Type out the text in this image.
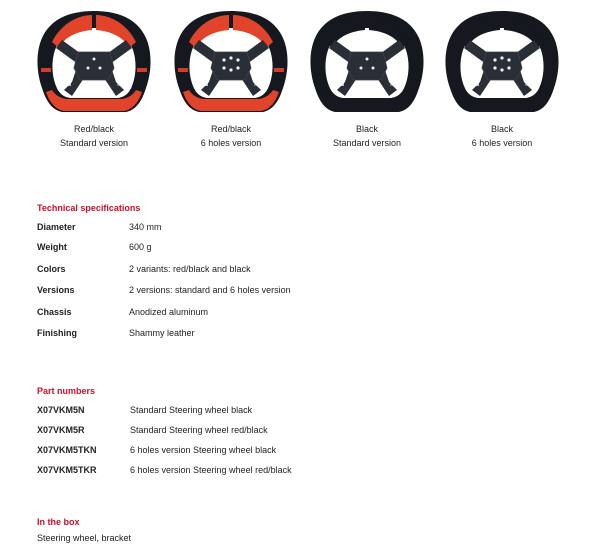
Red/black
Standard version
Red/black
6 holes version
Black
Standard version
Black
6 holes version
Technical specifications
Diameter	340 mm
Weight	600 g
Colors	2 variants: red/black and black
Versions	2 versions: standard and 6 holes version
Chassis	Anodized aluminum
Finishing	Shammy leather
Part numbers
X07VKM5N	Standard Steering wheel black
X07VKM5R	Standard Steering wheel red/black
X07VKM5TKN	6 holes version Steering wheel black
X07VKM5TKR	6 holes version Steering wheel red/black
In the box
Steering wheel, bracket
